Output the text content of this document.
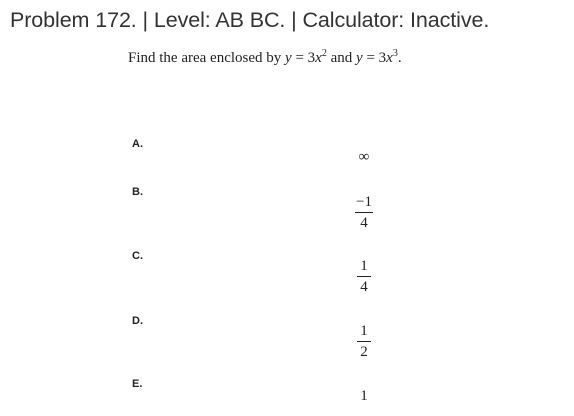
Problem 172. | Level: AB BC. | Calculator: Inactive.
Find the area enclosed by $y = 3x^2$ and $y = 3x^3$.
A.
∞
B.
$\frac{-1}{4}$
C.
$\frac{1}{4}$
D.
$\frac{1}{2}$
E.
1
